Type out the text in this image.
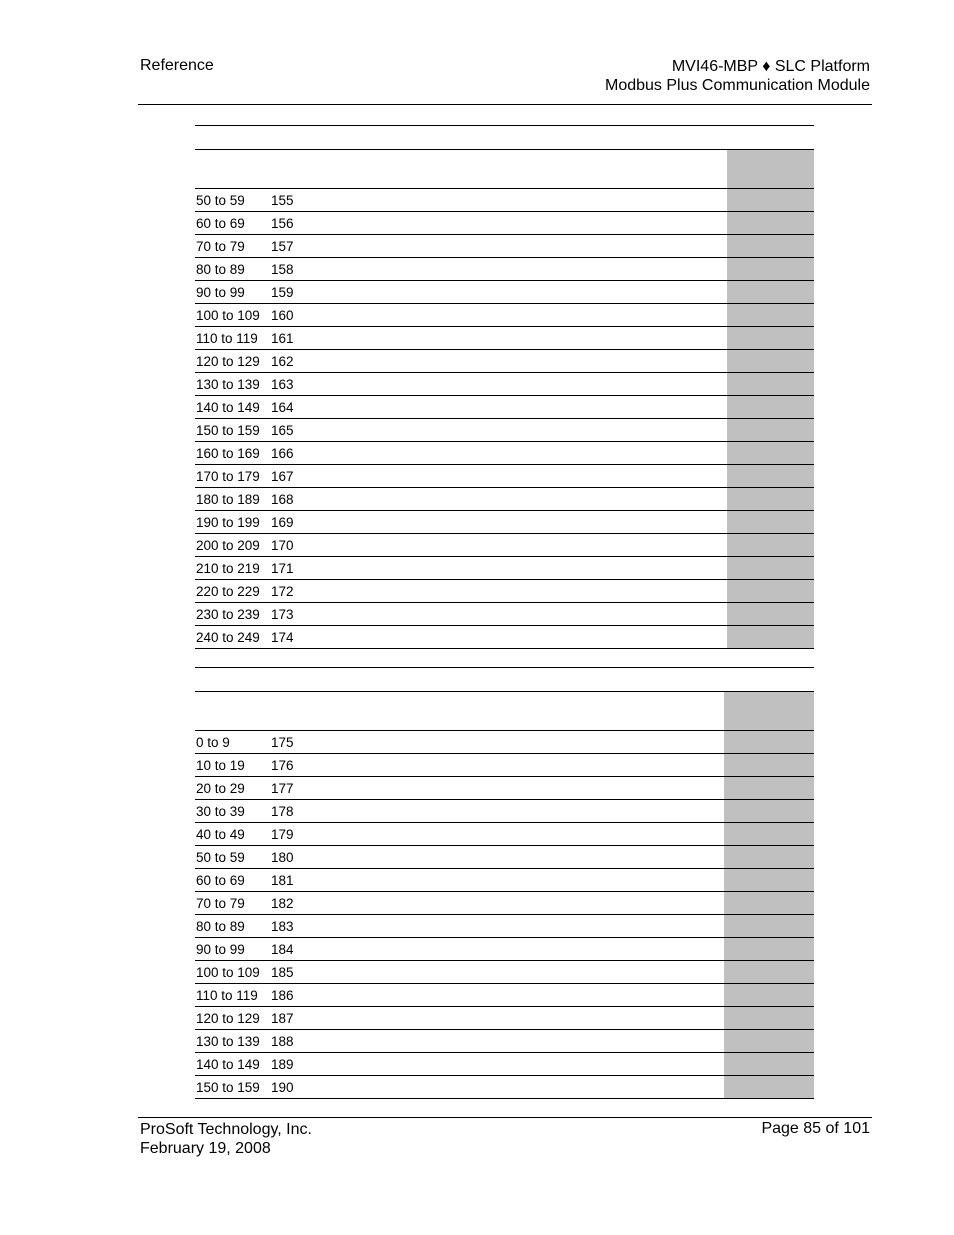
Reference	MVI46-MBP ♦ SLC Platform
Modbus Plus Communication Module
50 to 59 155
60 to 69 156
70 to 79 157
80 to 89 158
90 to 99 159
100 to 109 160
110 to 119 161
120 to 129 162
130 to 139 163
140 to 149 164
150 to 159 165
160 to 169 166
170 to 179 167
180 to 189 168
190 to 199 169
200 to 209 170
210 to 219 171
220 to 229 172
230 to 239 173
240 to 249 174
0 to 9	175
10 to 19 176
20 to 29 177
30 to 39 178
40 to 49 179
50 to 59 180
60 to 69 181
70 to 79 182
80 to 89 183
90 to 99 184
100 to 109 185
110 to 119 186
120 to 129 187
130 to 139 188
140 to 149 189
150 to 159 190
ProSoft Technology, Inc.
February 19, 2008
Page 85 of 101
